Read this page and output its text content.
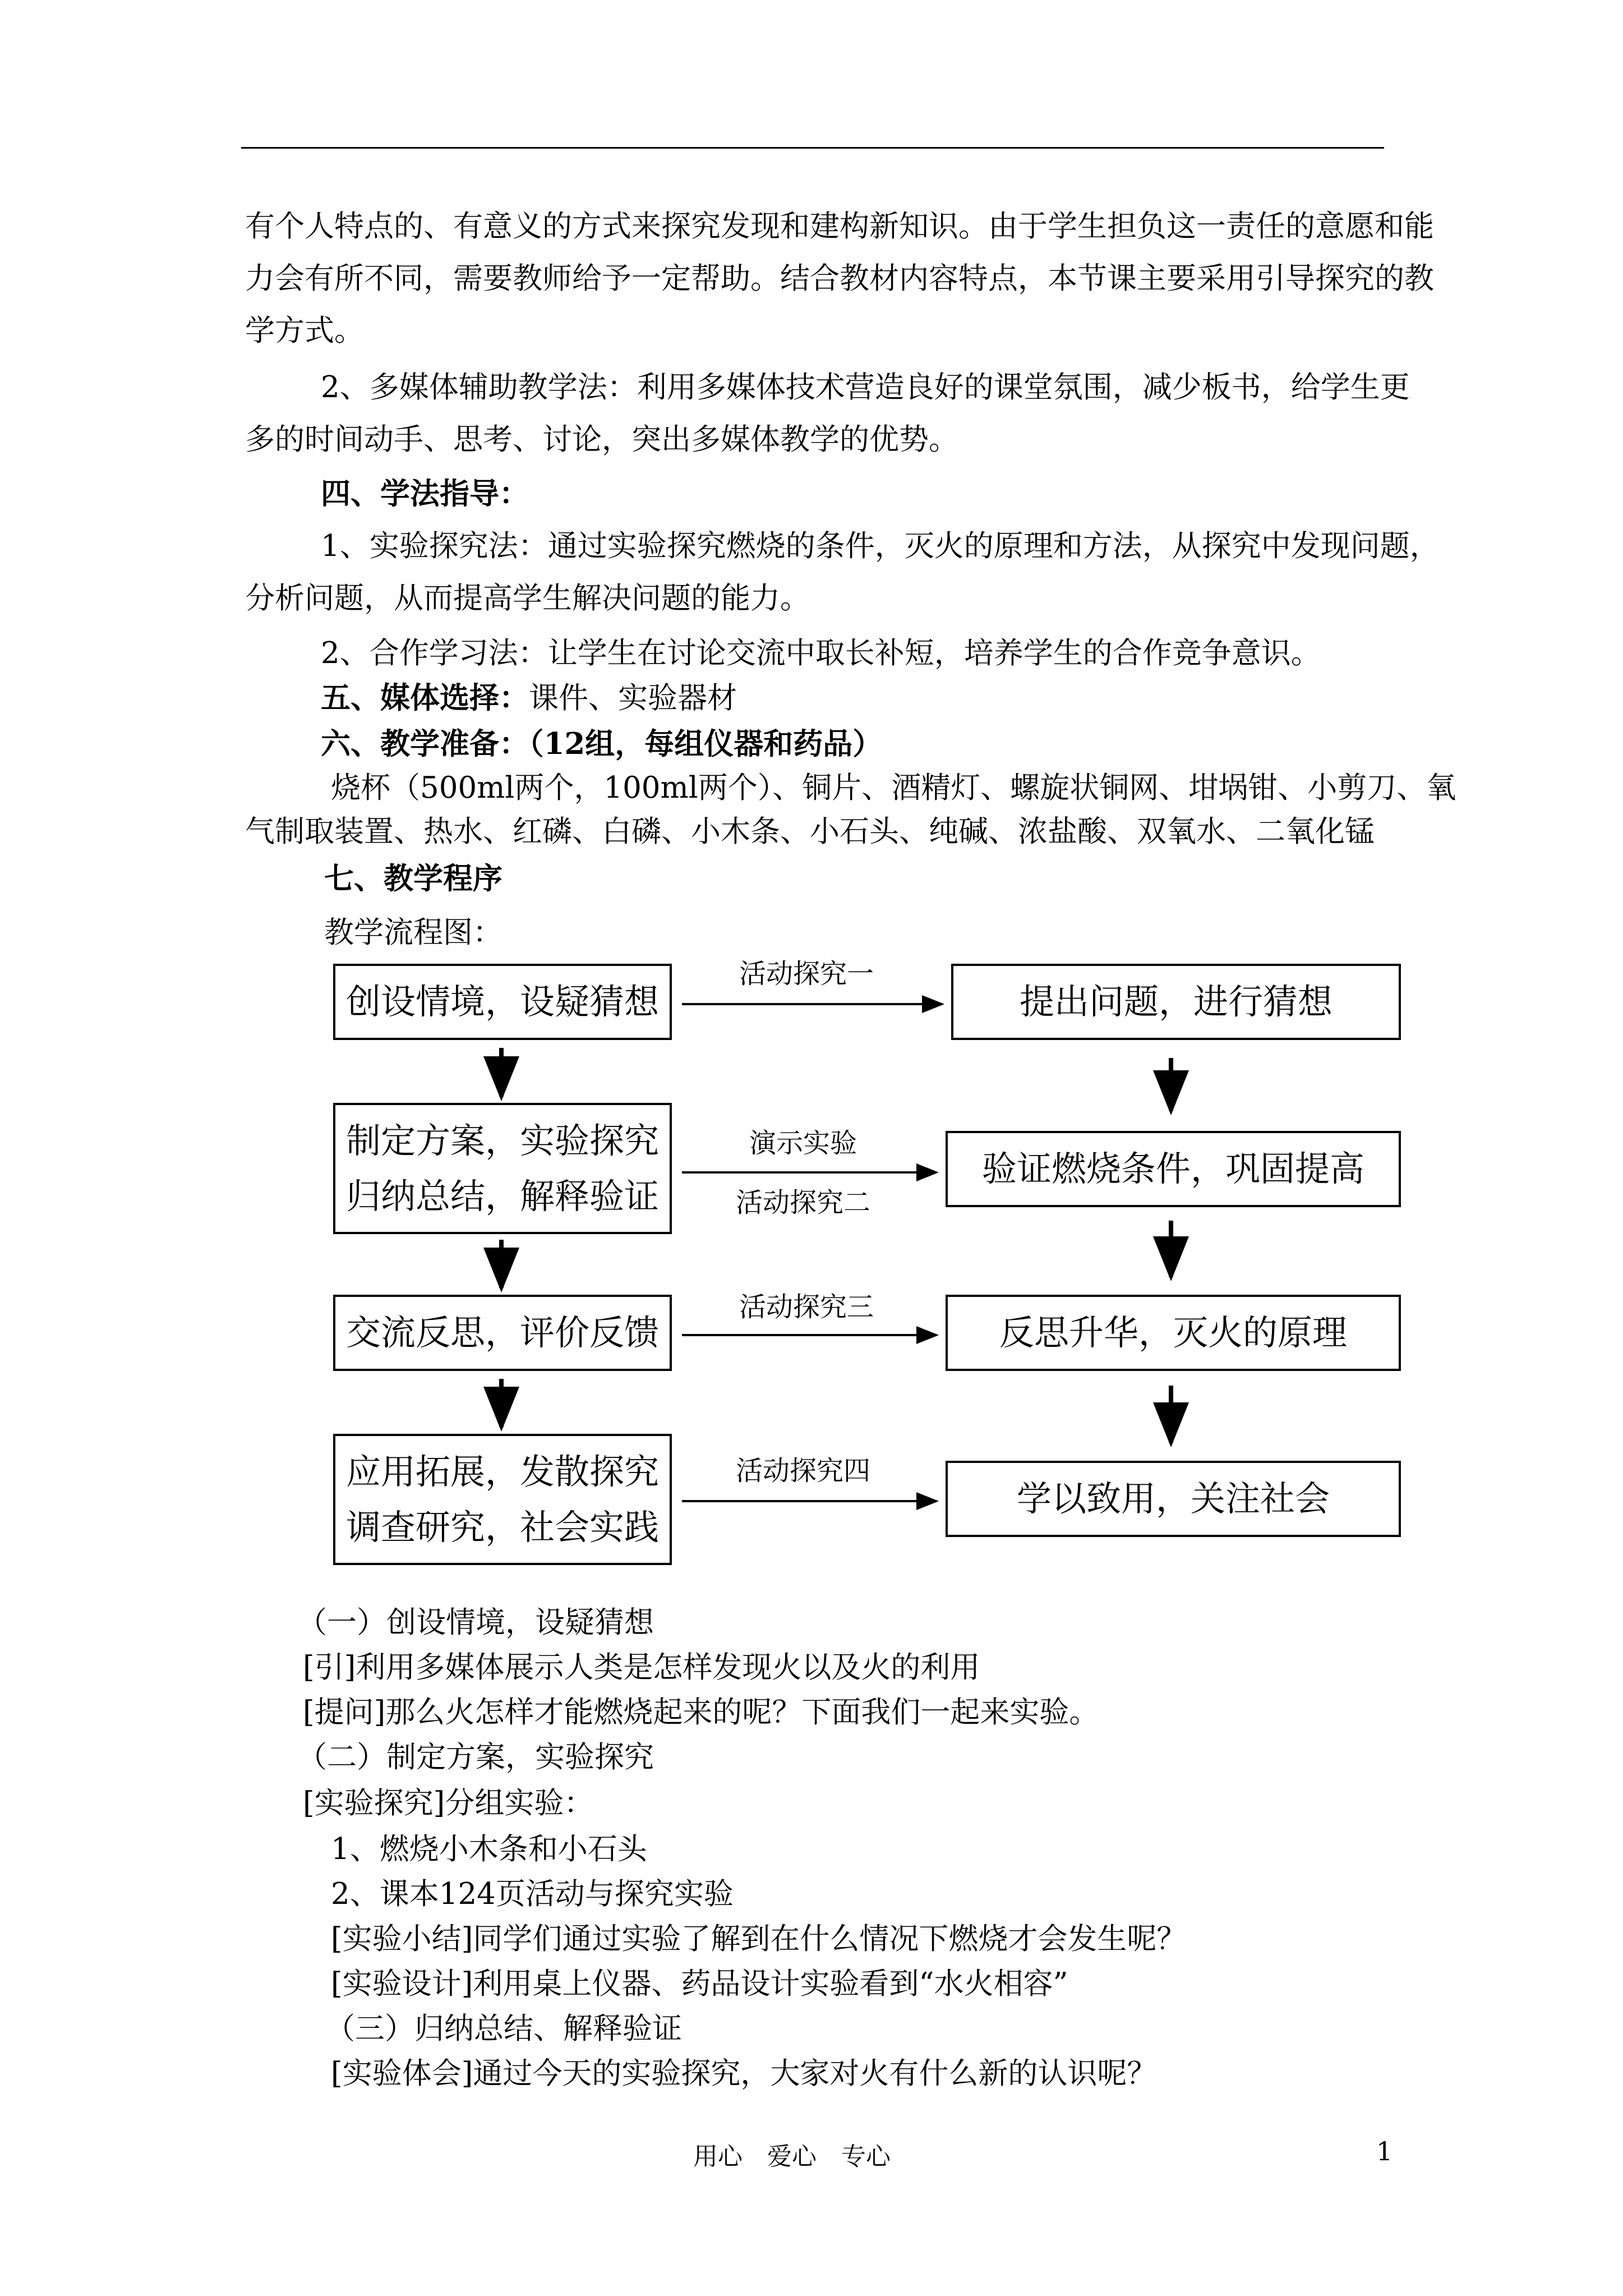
有个人特点的、有意义的方式来探究发现和建构新知识。由于学生担负这一责任的意愿和能
力会有所不同，需要教师给予一定帮助。结合教材内容特点，本节课主要采用引导探究的教
学方式。
2、多媒体辅助教学法：利用多媒体技术营造良好的课堂氛围，减少板书，给学生更
多的时间动手、思考、讨论，突出多媒体教学的优势。
四、学法指导：
1、实验探究法：通过实验探究燃烧的条件，灭火的原理和方法，从探究中发现问题，
分析问题，从而提高学生解决问题的能力。
2、合作学习法：让学生在讨论交流中取长补短，培养学生的合作竞争意识。
五、媒体选择：课件、实验器材
六、教学准备：（12组，每组仪器和药品）
烧杯（500ml两个，100ml两个）、铜片、酒精灯、螺旋状铜网、坩埚钳、小剪刀、氧
气制取装置、热水、红磷、白磷、小木条、小石头、纯碱、浓盐酸、双氧水、二氧化锰
七、教学程序
教学流程图：
创设情境，设疑猜想
制定方案，实验探究
归纳总结，解释验证
交流反思，评价反馈
应用拓展，发散探究
调查研究，社会实践
提出问题，进行猜想
验证燃烧条件，巩固提高
反思升华，灭火的原理
学以致用，关注社会
活动探究一
演示实验
活动探究二
活动探究三
活动探究四
（一）创设情境，设疑猜想
[引]利用多媒体展示人类是怎样发现火以及火的利用
[提问]那么火怎样才能燃烧起来的呢？下面我们一起来实验。
（二）制定方案，实验探究
[实验探究]分组实验：
1、燃烧小木条和小石头
2、课本124页活动与探究实验
[实验小结]同学们通过实验了解到在什么情况下燃烧才会发生呢？
[实验设计]利用桌上仪器、药品设计实验看到“水火相容”
（三）归纳总结、解释验证
[实验体会]通过今天的实验探究，大家对火有什么新的认识呢？
用心　爱心　专心	1
